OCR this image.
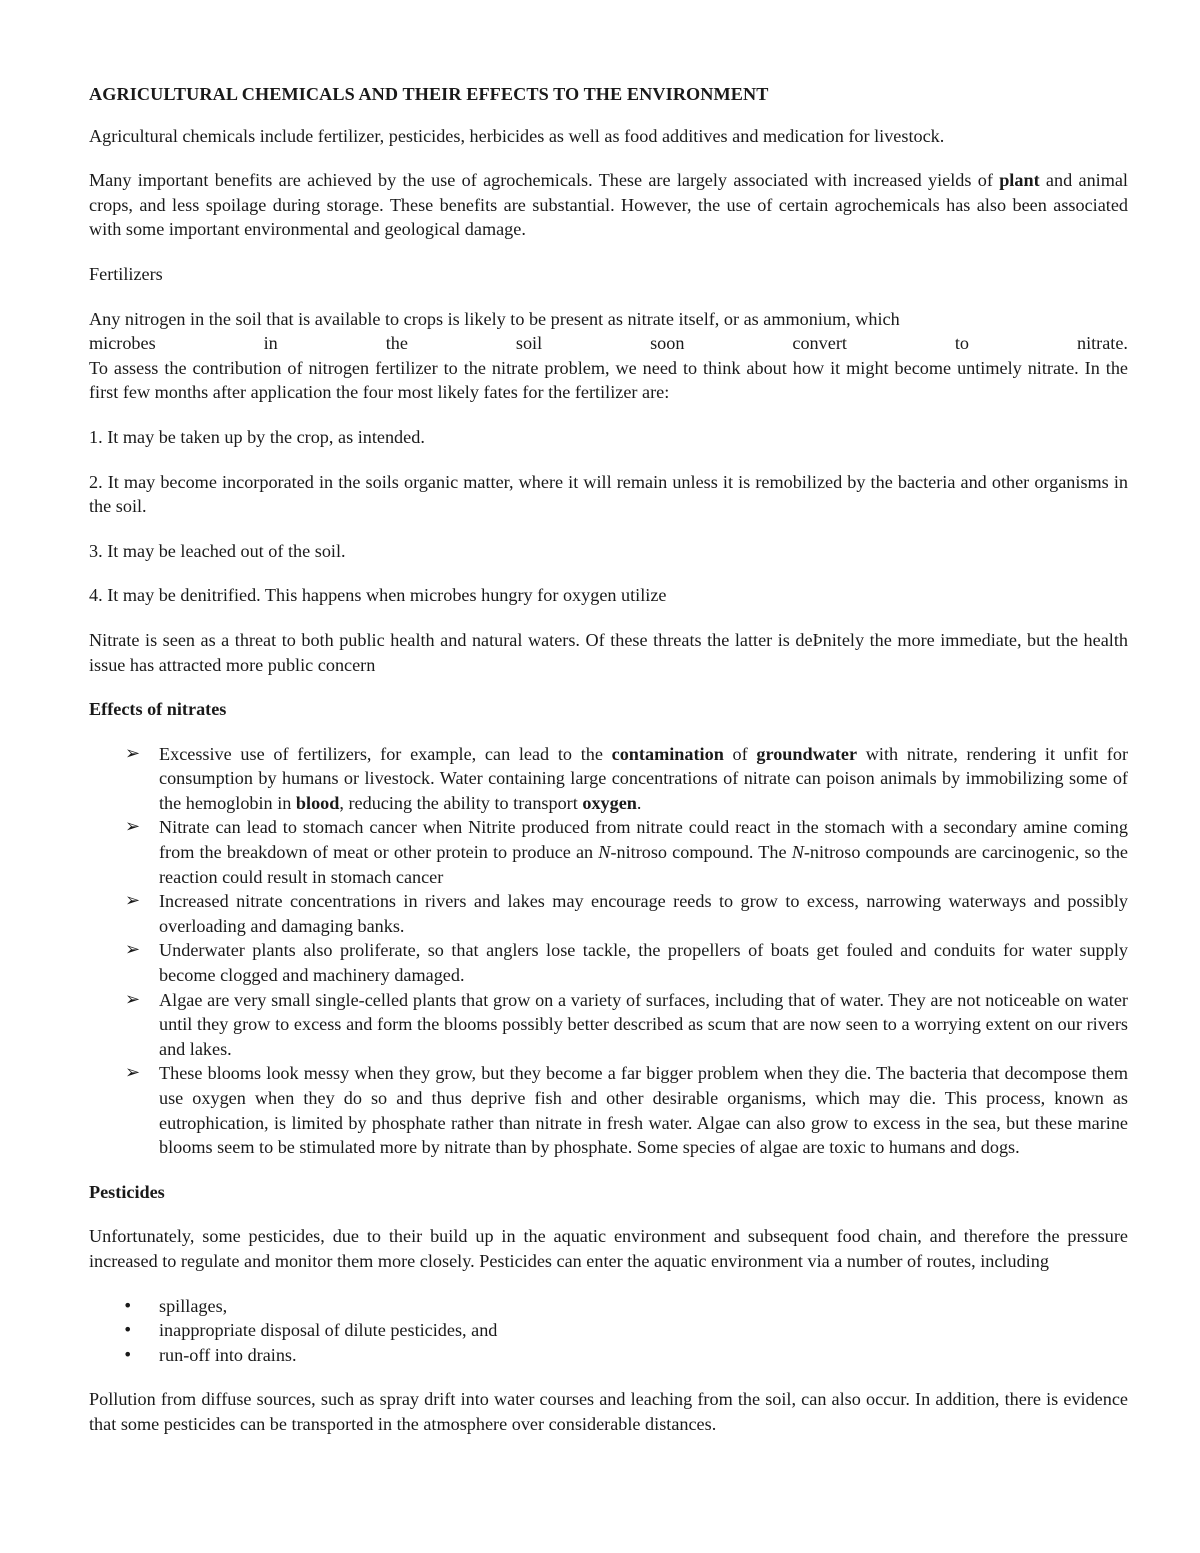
AGRICULTURAL CHEMICALS AND THEIR EFFECTS TO THE ENVIRONMENT

Agricultural chemicals include fertilizer, pesticides, herbicides as well as food additives and medication for livestock.

Many important benefits are achieved by the use of agrochemicals. These are largely associated with increased yields of plant and animal crops, and less spoilage during storage. These benefits are substantial. However, the use of certain agrochemicals has also been associated with some important environmental and geological damage.

Fertilizers

Any nitrogen in the soil that is available to crops is likely to be present as nitrate itself, or as ammonium, which
microbes	in	the	soil	soon	convert	to	nitrate.
To assess the contribution of nitrogen fertilizer to the nitrate problem, we need to think about how it might become untimely nitrate. In the first few months after application the four most likely fates for the fertilizer are:

1. It may be taken up by the crop, as intended.

2. It may become incorporated in the soils organic matter, where it will remain unless it is remobilized by the bacteria and other organisms in the soil.

3. It may be leached out of the soil.

4. It may be denitrified. This happens when microbes hungry for oxygen utilize

Nitrate is seen as a threat to both public health and natural waters. Of these threats the latter is deÞnitely the more immediate, but the health issue has attracted more public concern

Effects of nitrates
➢ Excessive use of fertilizers, for example, can lead to the contamination of groundwater with nitrate, rendering it unfit for consumption by humans or livestock. Water containing large concentrations of nitrate can poison animals by immobilizing some of the hemoglobin in blood, reducing the ability to transport oxygen.
➢ Nitrate can lead to stomach cancer when Nitrite produced from nitrate could react in the stomach with a secondary amine coming from the breakdown of meat or other protein to produce an N-nitroso compound. The N-nitroso compounds are carcinogenic, so the reaction could result in stomach cancer
➢ Increased nitrate concentrations in rivers and lakes may encourage reeds to grow to excess, narrowing waterways and possibly overloading and damaging banks.
➢ Underwater plants also proliferate, so that anglers lose tackle, the propellers of boats get fouled and conduits for water supply become clogged and machinery damaged.
➢ Algae are very small single-celled plants that grow on a variety of surfaces, including that of water. They are not noticeable on water until they grow to excess and form the blooms possibly better described as scum that are now seen to a worrying extent on our rivers and lakes.
➢ These blooms look messy when they grow, but they become a far bigger problem when they die. The bacteria that decompose them use oxygen when they do so and thus deprive fish and other desirable organisms, which may die. This process, known as eutrophication, is limited by phosphate rather than nitrate in fresh water. Algae can also grow to excess in the sea, but these marine blooms seem to be stimulated more by nitrate than by phosphate. Some species of algae are toxic to humans and dogs.
Pesticides

Unfortunately, some pesticides, due to their build up in the aquatic environment and subsequent food chain, and therefore the pressure increased to regulate and monitor them more closely. Pesticides can enter the aquatic environment via a number of routes, including

• spillages,
• inappropriate disposal of dilute pesticides, and
• run-off into drains.

Pollution from diffuse sources, such as spray drift into water courses and leaching from the soil, can also occur. In addition, there is evidence that some pesticides can be transported in the atmosphere over considerable distances.
